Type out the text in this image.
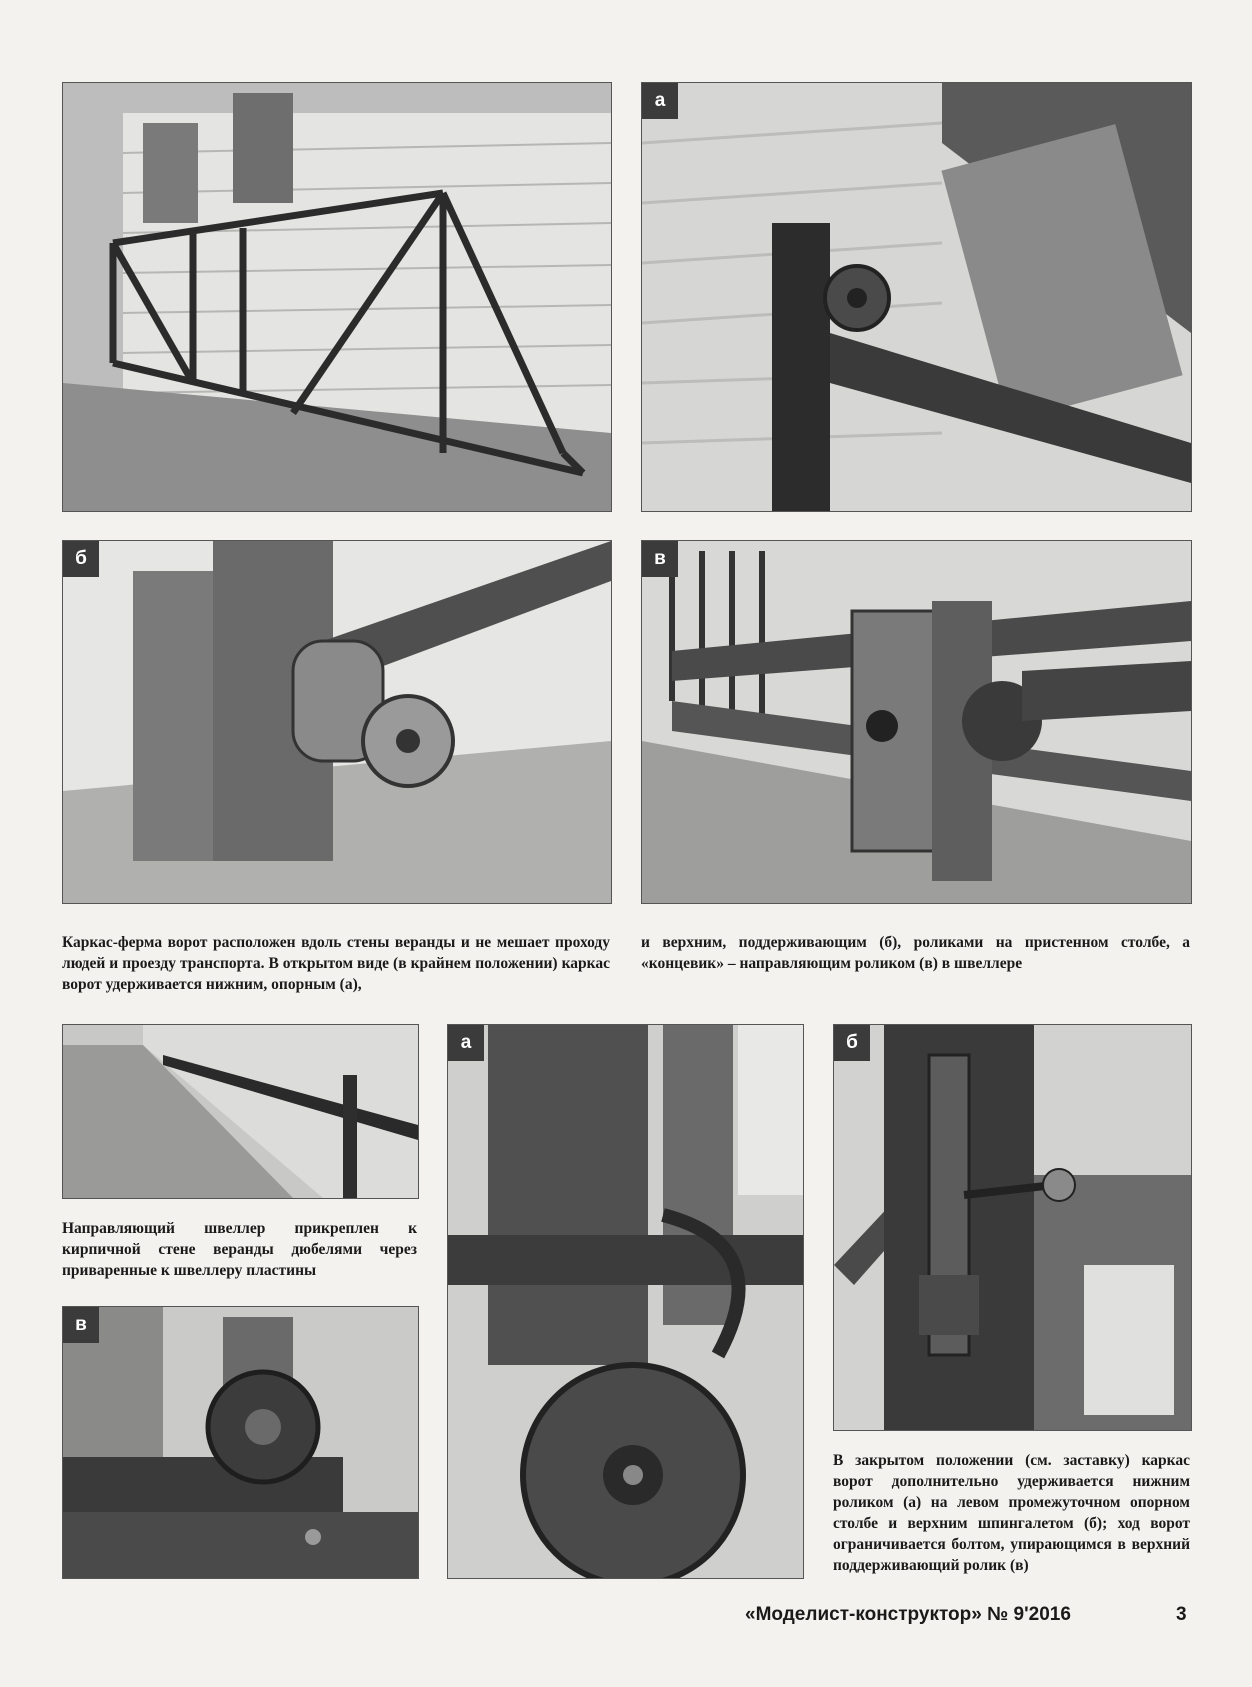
а
б	в
Каркас-ферма ворот расположен вдоль стены веранды и не мешает проходу людей и проезду транспорта. В открытом виде (в крайнем положении) каркас ворот удерживается нижним, опорным (а),
и верхним, поддерживающим (б), роликами на пристенном столбе, а «концевик» – направляющим роликом (в) в швеллере
а	б
Направляющий швеллер прикреплен к кирпичной стене веранды дюбелями через приваренные к швеллеру пластины
в
В закрытом положении (см. заставку) каркас ворот дополнительно удерживается нижним роликом (а) на левом промежуточном опорном столбе и верхним шпингалетом (б); ход ворот ограничивается болтом, упирающимся в верхний поддерживающий ролик (в)
«Моделист-конструктор» № 9'2016	3
